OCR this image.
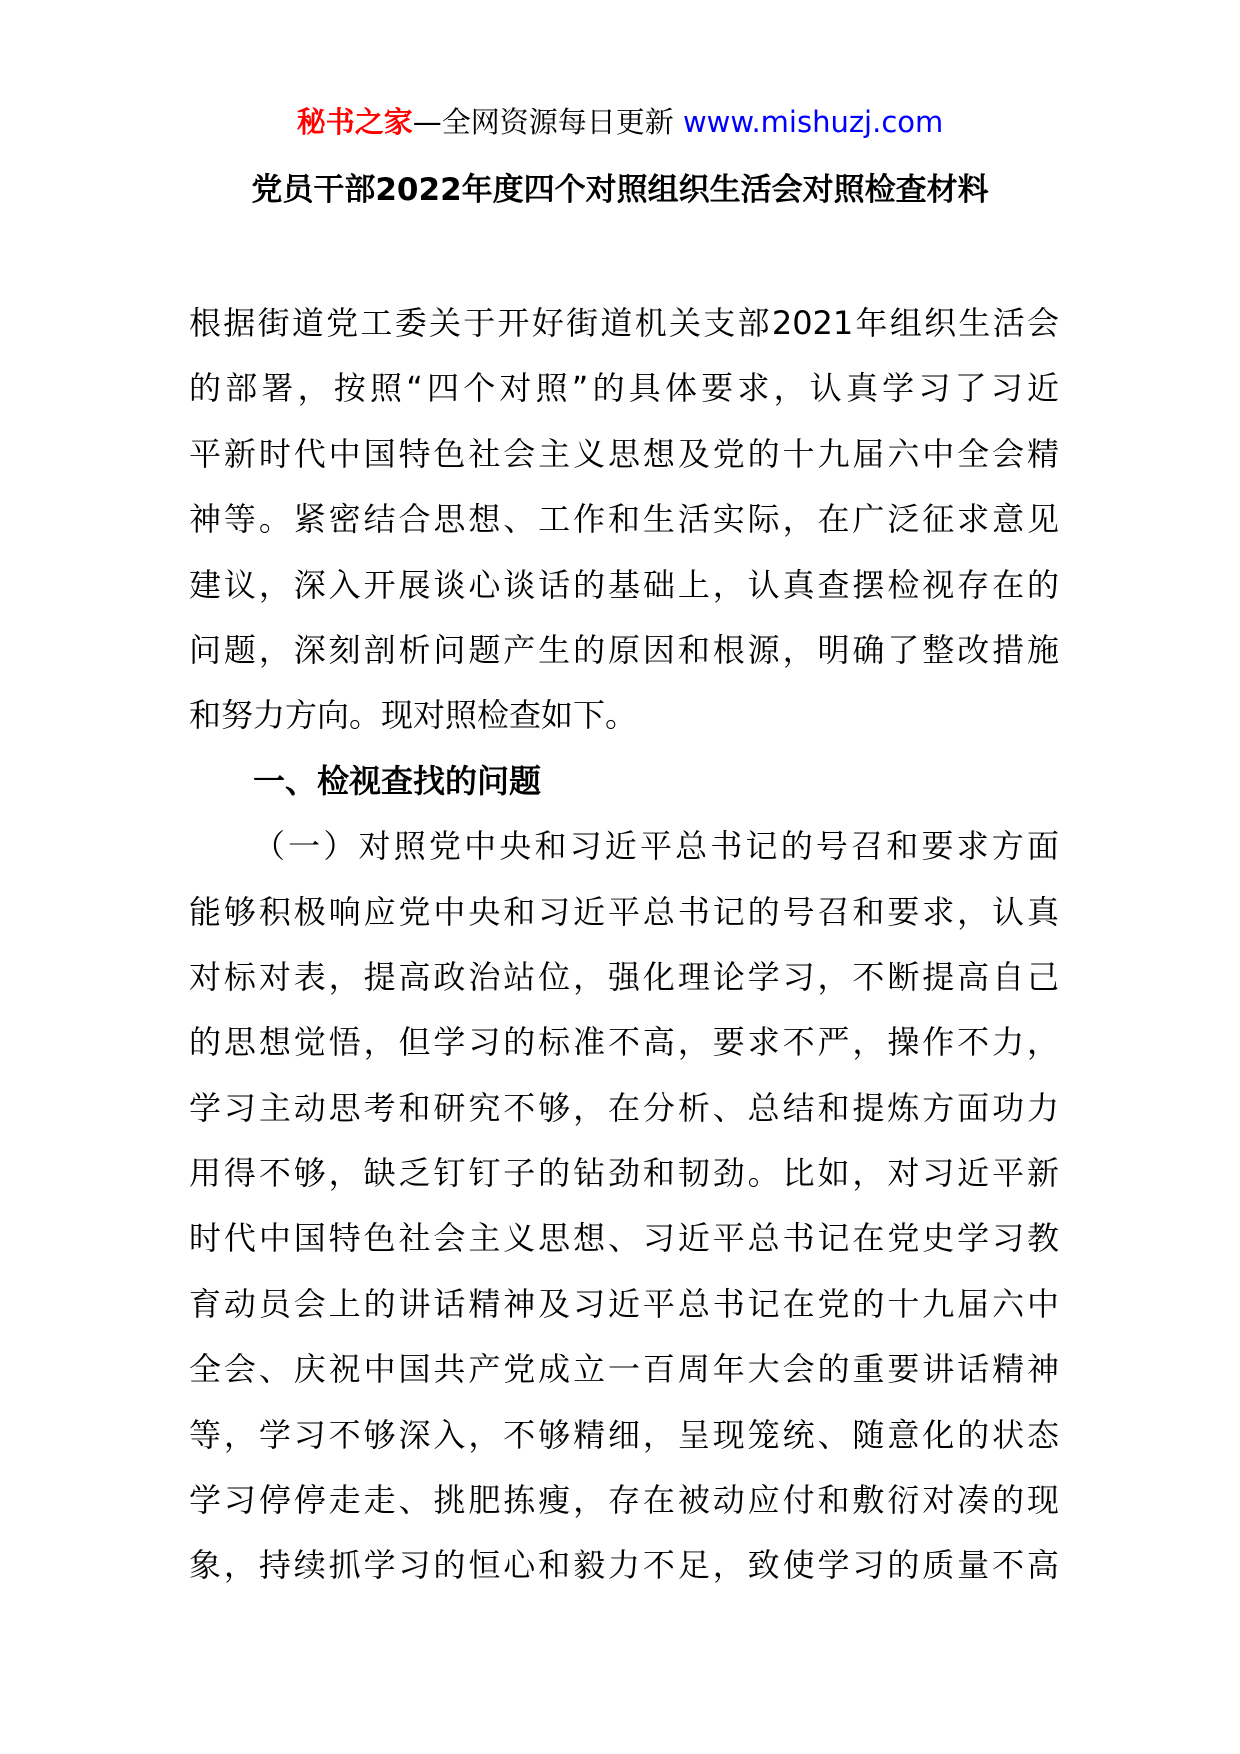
秘书之家—全网资源每日更新 www.mishuzj.com
党员干部2022年度四个对照组织生活会对照检查材料
根据街道党工委关于开好街道机关支部2021年组织生活会
的部署，按照“四个对照”的具体要求，认真学习了习近
平新时代中国特色社会主义思想及党的十九届六中全会精
神等。紧密结合思想、工作和生活实际，在广泛征求意见
建议，深入开展谈心谈话的基础上，认真查摆检视存在的
问题，深刻剖析问题产生的原因和根源，明确了整改措施
和努力方向。现对照检查如下。
一、检视查找的问题
（一）对照党中央和习近平总书记的号召和要求方面
能够积极响应党中央和习近平总书记的号召和要求，认真
对标对表，提高政治站位，强化理论学习，不断提高自己
的思想觉悟，但学习的标准不高，要求不严，操作不力，
学习主动思考和研究不够，在分析、总结和提炼方面功力
用得不够，缺乏钉钉子的钻劲和韧劲。比如，对习近平新
时代中国特色社会主义思想、习近平总书记在党史学习教
育动员会上的讲话精神及习近平总书记在党的十九届六中
全会、庆祝中国共产党成立一百周年大会的重要讲话精神
等，学习不够深入，不够精细，呈现笼统、随意化的状态
学习停停走走、挑肥拣瘦，存在被动应付和敷衍对凑的现
象，持续抓学习的恒心和毅力不足，致使学习的质量不高
